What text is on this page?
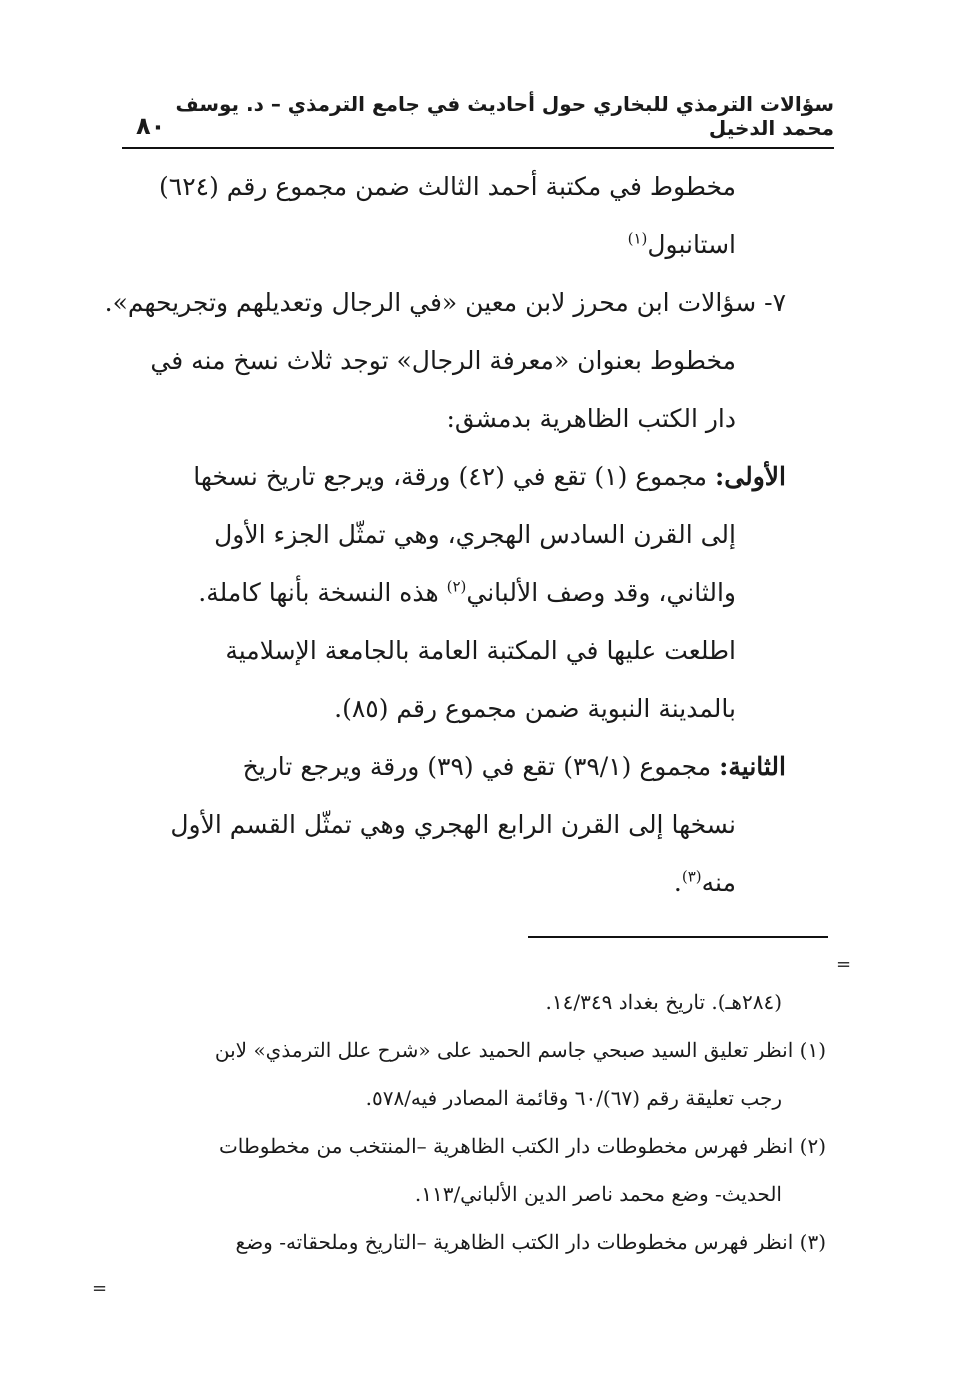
٨٠
سؤالات الترمذي للبخاري حول أحاديث في جامع الترمذي – د. يوسف محمد الدخيل
مخطوط في مكتبة أحمد الثالث ضمن مجموع رقم (٦٢٤)
استانبول$^{(١)}$
٧- سؤالات ابن محرز لابن معين «في الرجال وتعديلهم وتجريحهم».
مخطوط بعنوان «معرفة الرجال» توجد ثلاث نسخ منه في
دار الكتب الظاهرية بدمشق:
الأولى: مجموع (١) تقع في (٤٢) ورقة، ويرجع تاريخ نسخها
إلى القرن السادس الهجري، وهي تمثّل الجزء الأول
والثاني، وقد وصف الألباني$^{(٢)}$ هذه النسخة بأنها كاملة.
اطلعت عليها في المكتبة العامة بالجامعة الإسلامية
بالمدينة النبوية ضمن مجموع رقم (٨٥).
الثانية: مجموع (٣٩/١) تقع في (٣٩) ورقة ويرجع تاريخ
نسخها إلى القرن الرابع الهجري وهي تمثّل القسم الأول
منه$^{(٣)}$.
=
(٢٨٤هـ). تاريخ بغداد ١٤/٣٤٩.
(١) انظر تعليق السيد صبحي جاسم الحميد على «شرح علل الترمذي» لابن
رجب تعليقة رقم (٦٧)/٦٠ وقائمة المصادر فيه/٥٧٨.
(٢) انظر فهرس مخطوطات دار الكتب الظاهرية –المنتخب من مخطوطات
الحديث- وضع محمد ناصر الدين الألباني/١١٣.
(٣) انظر فهرس مخطوطات دار الكتب الظاهرية –التاريخ وملحقاته- وضع
=
